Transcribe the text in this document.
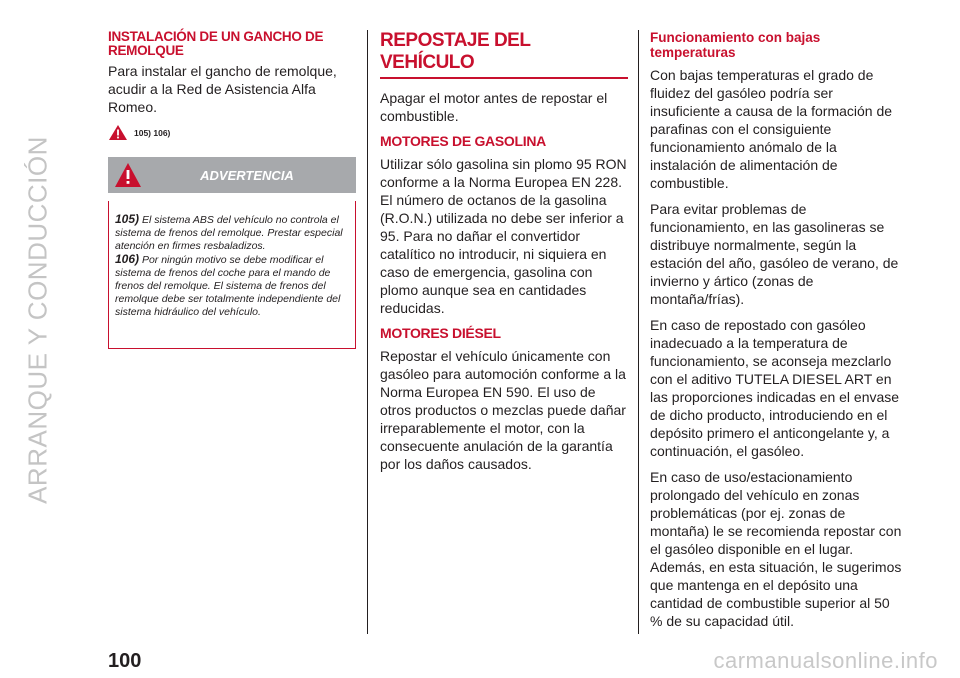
ARRANQUE Y CONDUCCIÓN

INSTALACIÓN DE UN GANCHO DE
REMOLQUE

Para instalar el gancho de remolque, acudir a la Red de Asistencia Alfa Romeo.

105) 106)
ADVERTENCIA

105) El sistema ABS del vehículo no controla el sistema de frenos del remolque. Prestar especial atención en firmes resbaladizos.

106) Por ningún motivo se debe modificar el sistema de frenos del coche para el mando de frenos del remolque. El sistema de frenos del remolque debe ser totalmente independiente del sistema hidráulico del vehículo.

REPOSTAJE DEL VEHÍCULO

Apagar el motor antes de repostar el combustible.

MOTORES DE GASOLINA

Utilizar sólo gasolina sin plomo 95 RON conforme a la Norma Europea EN 228. El número de octanos de la gasolina (R.O.N.) utilizada no debe ser inferior a 95. Para no dañar el convertidor catalítico no introducir, ni siquiera en caso de emergencia, gasolina con plomo aunque sea en cantidades reducidas.

MOTORES DIÉSEL

Repostar el vehículo únicamente con gasóleo para automoción conforme a la Norma Europea EN 590. El uso de otros productos o mezclas puede dañar irreparablemente el motor, con la consecuente anulación de la garantía por los daños causados.

Funcionamiento con bajas
temperaturas

Con bajas temperaturas el grado de fluidez del gasóleo podría ser insuficiente a causa de la formación de parafinas con el consiguiente funcionamiento anómalo de la instalación de alimentación de combustible.

Para evitar problemas de funcionamiento, en las gasolineras se distribuye normalmente, según la estación del año, gasóleo de verano, de invierno y ártico (zonas de montaña/frías).

En caso de repostado con gasóleo inadecuado a la temperatura de funcionamiento, se aconseja mezclarlo con el aditivo TUTELA DIESEL ART en las proporciones indicadas en el envase de dicho producto, introduciendo en el depósito primero el anticongelante y, a continuación, el gasóleo.

En caso de uso/estacionamiento prolongado del vehículo en zonas problemáticas (por ej. zonas de montaña) le se recomienda repostar con el gasóleo disponible en el lugar. Además, en esta situación, le sugerimos que mantenga en el depósito una cantidad de combustible superior al 50 % de su capacidad útil.

100	carmanualsonline.info
